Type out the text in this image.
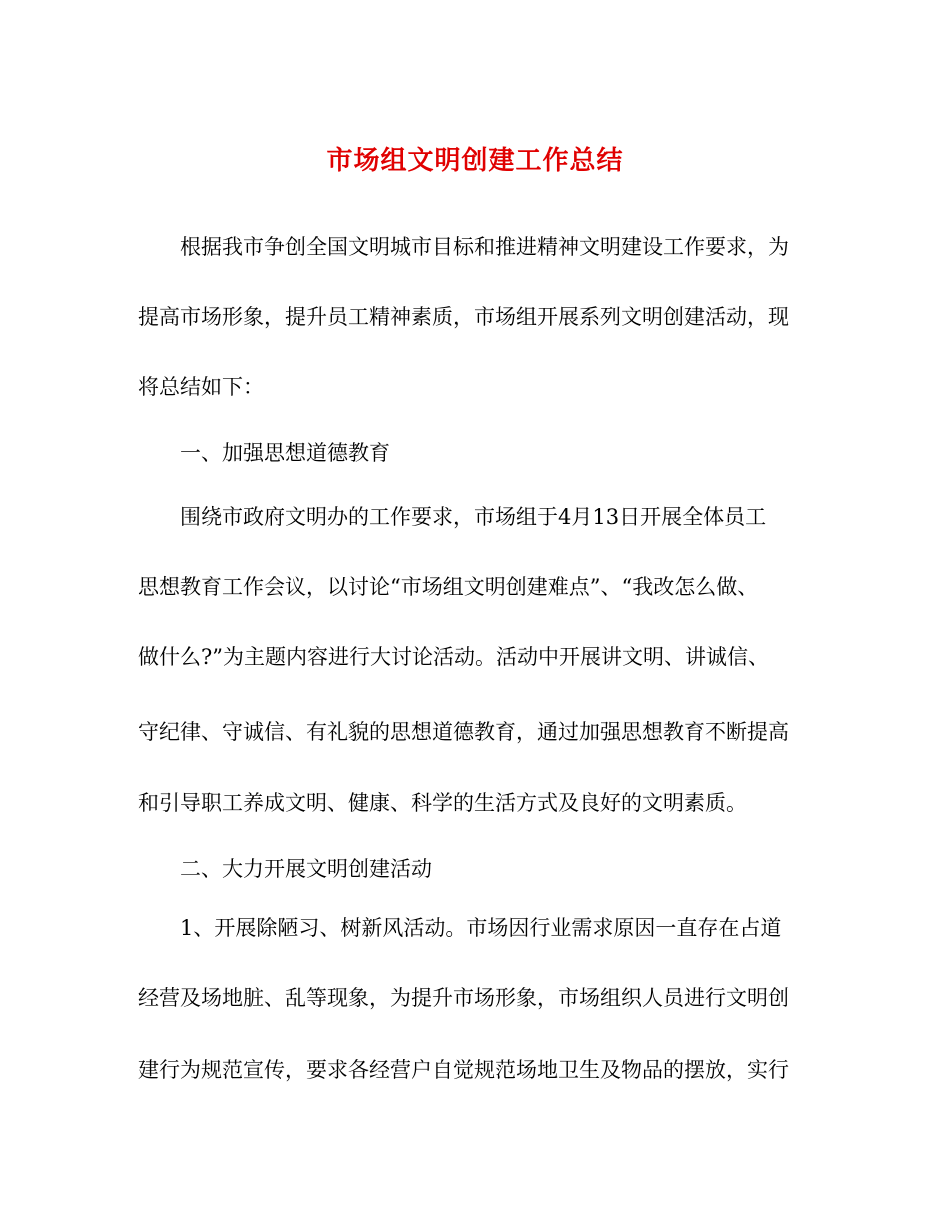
市场组文明创建工作总结
根据我市争创全国文明城市目标和推进精神文明建设工作要求，为
提高市场形象，提升员工精神素质，市场组开展系列文明创建活动，现
将总结如下：
一、加强思想道德教育
围绕市政府文明办的工作要求，市场组于4月13日开展全体员工
思想教育工作会议，以讨论“市场组文明创建难点”、“我改怎么做、
做什么?”为主题内容进行大讨论活动。活动中开展讲文明、讲诚信、
守纪律、守诚信、有礼貌的思想道德教育，通过加强思想教育不断提高
和引导职工养成文明、健康、科学的生活方式及良好的文明素质。
二、大力开展文明创建活动
1、开展除陋习、树新风活动。市场因行业需求原因一直存在占道
经营及场地脏、乱等现象，为提升市场形象，市场组织人员进行文明创
建行为规范宣传，要求各经营户自觉规范场地卫生及物品的摆放，实行
